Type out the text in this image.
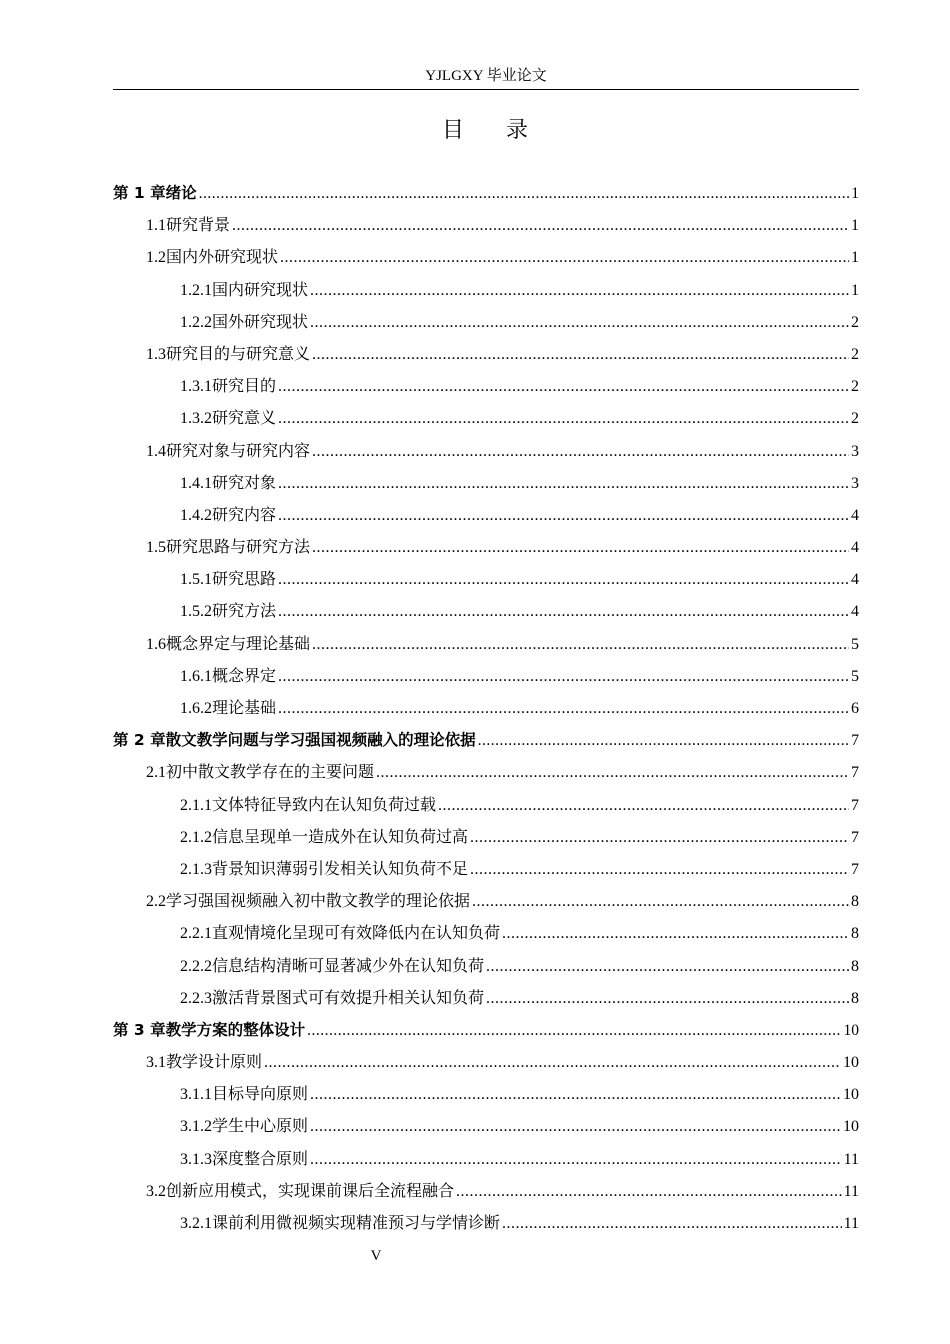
YJLGXY 毕业论文
目 录
第 1 章 绪论 .....	1
1.1 研究背景 .....	1
1.2 国内外研究现状 .....	1
1.2.1 国内研究现状 .....	1
1.2.2 国外研究现状 .....	2
1.3 研究目的与研究意义 .....	2
1.3.1 研究目的 .....	2
1.3.2 研究意义 .....	2
1.4 研究对象与研究内容 .....	3
1.4.1 研究对象 .....	3
1.4.2 研究内容 .....	4
1.5 研究思路与研究方法 .....	4
1.5.1 研究思路 .....	4
1.5.2 研究方法 .....	4
1.6 概念界定与理论基础 .....	5
1.6.1 概念界定 .....	5
1.6.2 理论基础 .....	6
第 2 章 散文教学问题与学习强国视频融入的理论依据 .....	7
2.1 初中散文教学存在的主要问题 .....	7
2.1.1 文体特征导致内在认知负荷过载 .....	7
2.1.2 信息呈现单一造成外在认知负荷过高 .....	7
2.1.3 背景知识薄弱引发相关认知负荷不足 .....	7
2.2 学习强国视频融入初中散文教学的理论依据 .....	8
2.2.1 直观情境化呈现可有效降低内在认知负荷 .....	8
2.2.2 信息结构清晰可显著减少外在认知负荷 .....	8
2.2.3 激活背景图式可有效提升相关认知负荷 .....	8
第 3 章 教学方案的整体设计 .....	10
3.1 教学设计原则 .....	10
3.1.1 目标导向原则 .....	10
3.1.2 学生中心原则 .....	10
3.1.3 深度整合原则 .....	11
3.2 创新应用模式，实现课前课后全流程融合 .....	11
3.2.1 课前利用微视频实现精准预习与学情诊断 .....	11
V
